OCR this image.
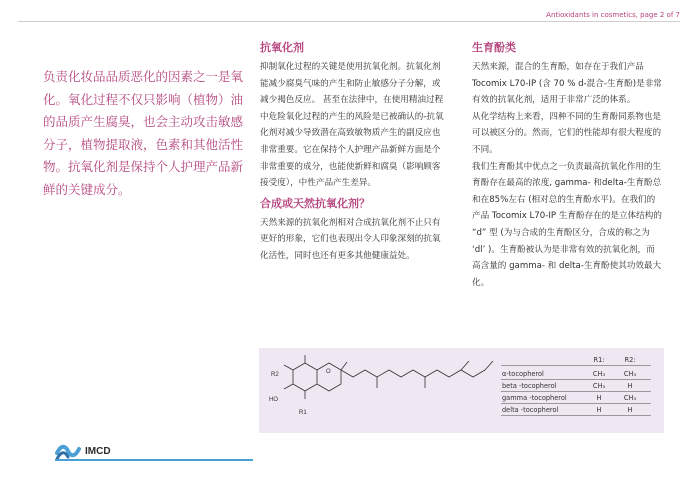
Antioxidants in cosmetics, page 2 of 7
负责化妆品品质恶化的因素之一是氧化。氧化过程不仅只影响（植物）油的品质产生腐臭，也会主动攻击敏感分子，植物提取液，色素和其他活性物。抗氧化剂是保持个人护理产品新鲜的关键成分。
抗氧化剂

抑制氧化过程的关键是使用抗氧化剂。抗氧化剂能减少腐臭气味的产生和防止敏感分子分解，或减少褐色反应。 甚至在法律中，在使用精油过程中危险氧化过程的产生的风险是已被确认的-抗氧化剂对减少导致潜在高致敏物质产生的副反应也非常重要。它在保持个人护理产品新鲜方面是个非常重要的成分，也能使新鲜和腐臭（影响顾客接受度），中性产品产生差异。

合成或天然抗氧化剂？

天然来源的抗氧化剂相对合成抗氧化剂不止只有更好的形象，它们也表现出令人印象深刻的抗氧化活性，同时也还有更多其他健康益处。

生育酚类

天然来源，混合的生育酚，如存在于我们产品Tocomix L70-IP (含 70 % d-混合-生育酚)是非常有效的抗氧化剂，适用于非常广泛的体系。

从化学结构上来看，四种不同的生育酚同系物也是可以被区分的。然而，它们的性能却有很大程度的不同。

我们生育酚其中优点之一负责最高抗氧化作用的生育酚存在最高的浓度, gamma- 和delta-生育酚总和在85%左右 (相对总的生育酚水平)。在我们的产品 Tocomix L70-IP 生育酚存在的是立体结构的 “d” 型 (为与合成的生育酚区分，合成的称之为 ‘dl’ )。生育酚被认为是非常有效的抗氧化剂，而高含量的 gamma- 和 delta-生育酚使其功效最大化。

R2
HO
R1
O
R1:	R2:
α-tocopherol	CH₃	CH₃
beta -tocopherol	CH₃	H
gamma -tocopherol	H	CH₃
delta -tocopherol	H	H
IMCD
